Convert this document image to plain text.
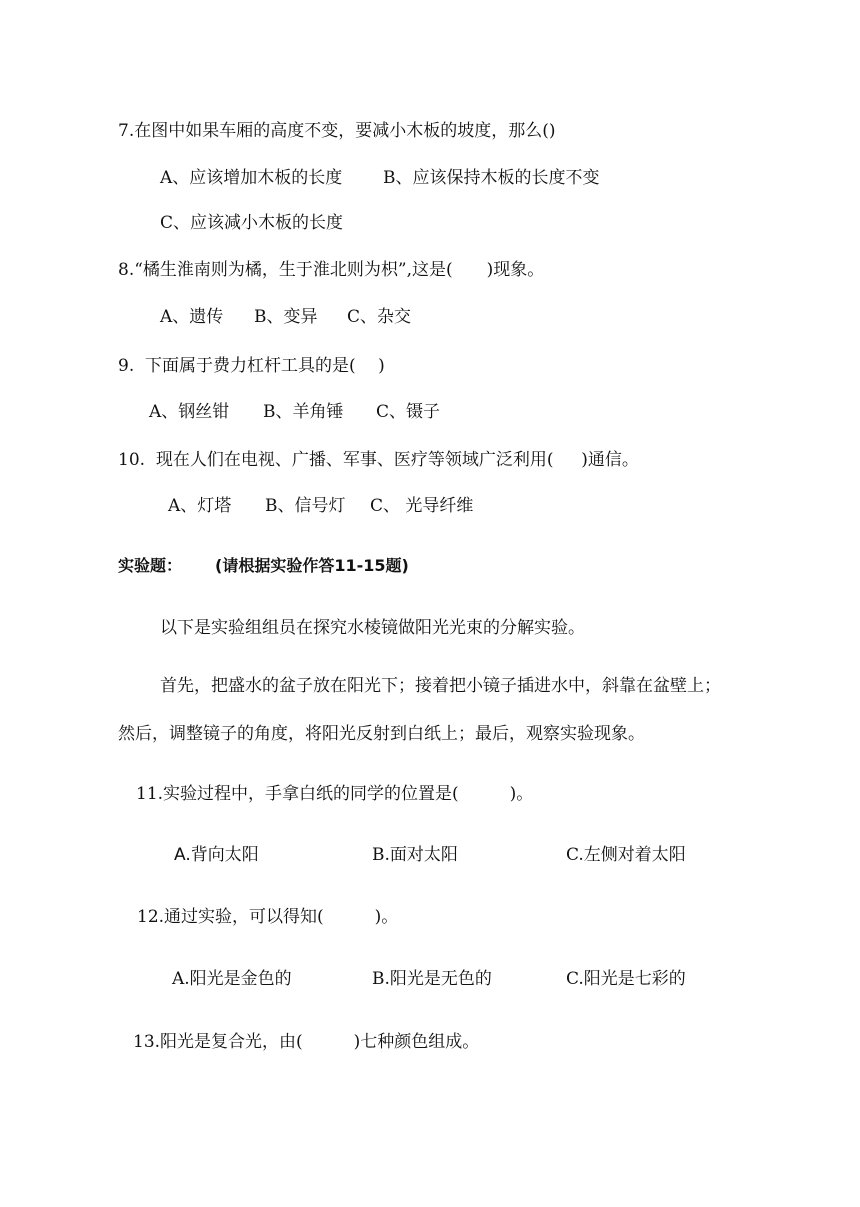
7.在图中如果车厢的高度不变，要减小木板的坡度，那么()
A、应该增加木板的长度 B、应该保持木板的长度不变
C、应该减小木板的长度
8.“橘生淮南则为橘，生于淮北则为枳”,这是(　　)现象。
A、遗传 B、变异 C、杂交
9.  下面属于费力杠杆工具的是(　 )
A、钢丝钳 B、羊角锤 C、镊子
10.  现在人们在电视、广播、军事、医疗等领域广泛利用(　  )通信。
A、灯塔 B、信号灯 C、 光导纤维
实验题： (请根据实验作答11-15题)
以下是实验组组员在探究水棱镜做阳光光束的分解实验。
首先，把盛水的盆子放在阳光下；接着把小镜子插进水中，斜靠在盆壁上；
然后，调整镜子的角度，将阳光反射到白纸上；最后，观察实验现象。
11.实验过程中，手拿白纸的同学的位置是(　　　)。
A.背向太阳	B.面对太阳	C.左侧对着太阳
12.通过实验，可以得知(　　　)。
A.阳光是金色的	B.阳光是无色的	C.阳光是七彩的
13.阳光是复合光，由(　　　)七种颜色组成。
